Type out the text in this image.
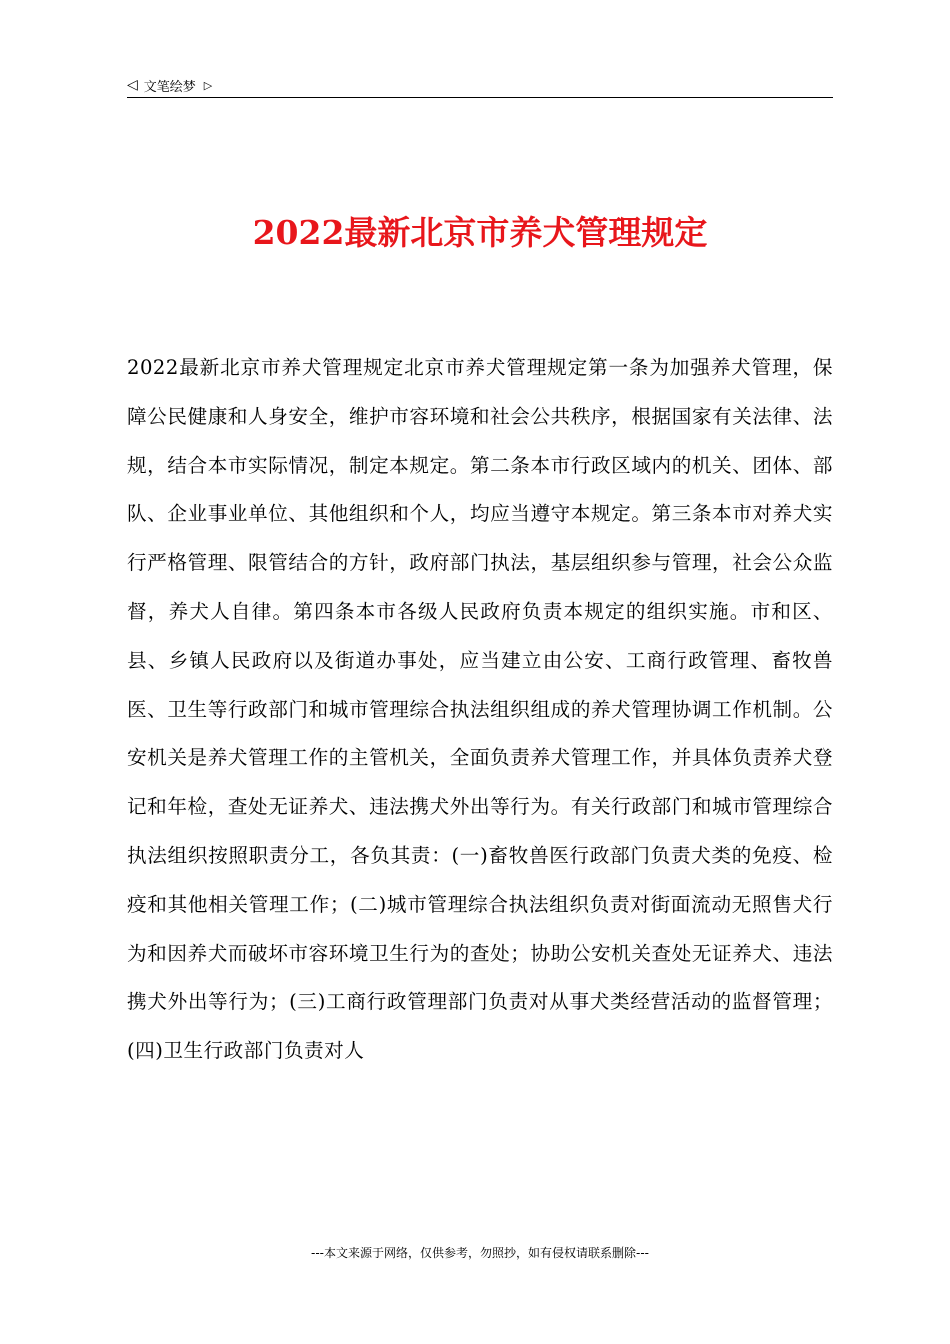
◁ 文笔绘梦 ▷
2022最新北京市养犬管理规定

2022最新北京市养犬管理规定北京市养犬管理规定第一条为加强养犬管理，保障公民健康和人身安全，维护市容环境和社会公共秩序，根据国家有关法律、法规，结合本市实际情况，制定本规定。第二条本市行政区域内的机关、团体、部队、企业事业单位、其他组织和个人，均应当遵守本规定。第三条本市对养犬实行严格管理、限管结合的方针，政府部门执法，基层组织参与管理，社会公众监督，养犬人自律。第四条本市各级人民政府负责本规定的组织实施。市和区、县、乡镇人民政府以及街道办事处，应当建立由公安、工商行政管理、畜牧兽医、卫生等行政部门和城市管理综合执法组织组成的养犬管理协调工作机制。公安机关是养犬管理工作的主管机关，全面负责养犬管理工作，并具体负责养犬登记和年检，查处无证养犬、违法携犬外出等行为。有关行政部门和城市管理综合执法组织按照职责分工，各负其责：(一)畜牧兽医行政部门负责犬类的免疫、检疫和其他相关管理工作；(二)城市管理综合执法组织负责对街面流动无照售犬行为和因养犬而破坏市容环境卫生行为的查处；协助公安机关查处无证养犬、违法携犬外出等行为；(三)工商行政管理部门负责对从事犬类经营活动的监督管理；(四)卫生行政部门负责对人

---本文来源于网络，仅供参考，勿照抄，如有侵权请联系删除---
